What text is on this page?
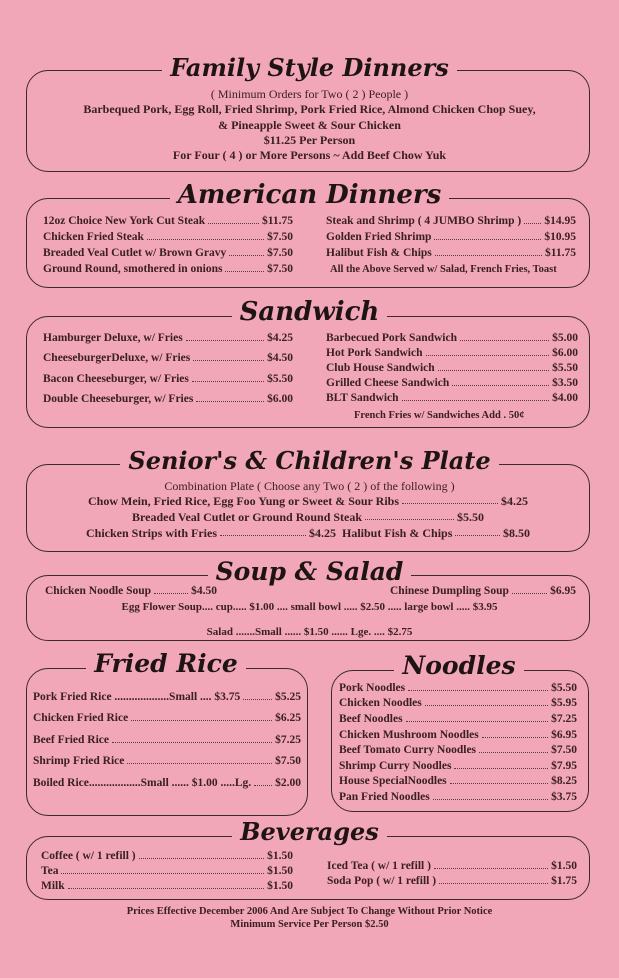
Family Style Dinners
( Minimum Orders for Two ( 2 ) People )
Barbequed Pork, Egg Roll, Fried Shrimp, Pork Fried Rice, Almond Chicken Chop Suey,
& Pineapple Sweet & Sour Chicken
$11.25 Per Person
For Four ( 4 ) or More Persons ~ Add Beef Chow Yuk
American Dinners
12oz Choice New York Cut Steak	$11.75
Chicken Fried Steak	$7.50
Breaded Veal Cutlet w/ Brown Gravy	$7.50
Ground Round, smothered in onions	$7.50
Steak and Shrimp ( 4 JUMBO Shrimp ) $14.95
Golden Fried Shrimp	$10.95
Halibut Fish & Chips	$11.75
All the Above Served w/ Salad, French Fries, Toast
Sandwich
Hamburger Deluxe, w/ Fries	$4.25
CheeseburgerDeluxe, w/ Fries	$4.50
Bacon Cheeseburger, w/ Fries	$5.50
Double Cheeseburger, w/ Fries	$6.00
Barbecued Pork Sandwich	$5.00
Hot Pork Sandwich	$6.00
Club House Sandwich	$5.50
Grilled Cheese Sandwich	$3.50
BLT Sandwich	$4.00
French Fries w/ Sandwiches Add . 50¢
Senior's & Children's Plate
Combination Plate ( Choose any Two ( 2 ) of the following )
Chow Mein, Fried Rice, Egg Foo Yung or Sweet & Sour Ribs	$4.25
Breaded Veal Cutlet or Ground Round Steak	$5.50
Chicken Strips with Fries	$4.25 Halibut Fish & Chips	$8.50
Soup & Salad
Chicken Noodle Soup	$4.50	Chinese Dumpling Soup	$6.95
Egg Flower Soup.... cup..... $1.00 .... small bowl ..... $2.50 ..... large bowl ..... $3.95
Salad .......Small ...... $1.50 ...... Lge. .... $2.75
Fried Rice
Pork Fried Rice ...................Small .... $3.75	$5.25
Chicken Fried Rice	$6.25
Beef Fried Rice	$7.25
Shrimp Fried Rice	$7.50
Boiled Rice..................Small ...... $1.00 .....Lg. $2.00
Noodles
Pork Noodles	$5.50
Chicken Noodles	$5.95
Beef Noodles	$7.25
Chicken Mushroom Noodles	$6.95
Beef Tomato Curry Noodles	$7.50
Shrimp Curry Noodles	$7.95
House SpecialNoodles	$8.25
Pan Fried Noodles	$3.75
Beverages
Coffee ( w/ 1 refill )	$1.50
Tea	$1.50
Milk	$1.50
Iced Tea ( w/ 1 refill )	$1.50
Soda Pop ( w/ 1 refill )	$1.75
Prices Effective December 2006 And Are Subject To Change Without Prior Notice
Minimum Service Per Person $2.50
